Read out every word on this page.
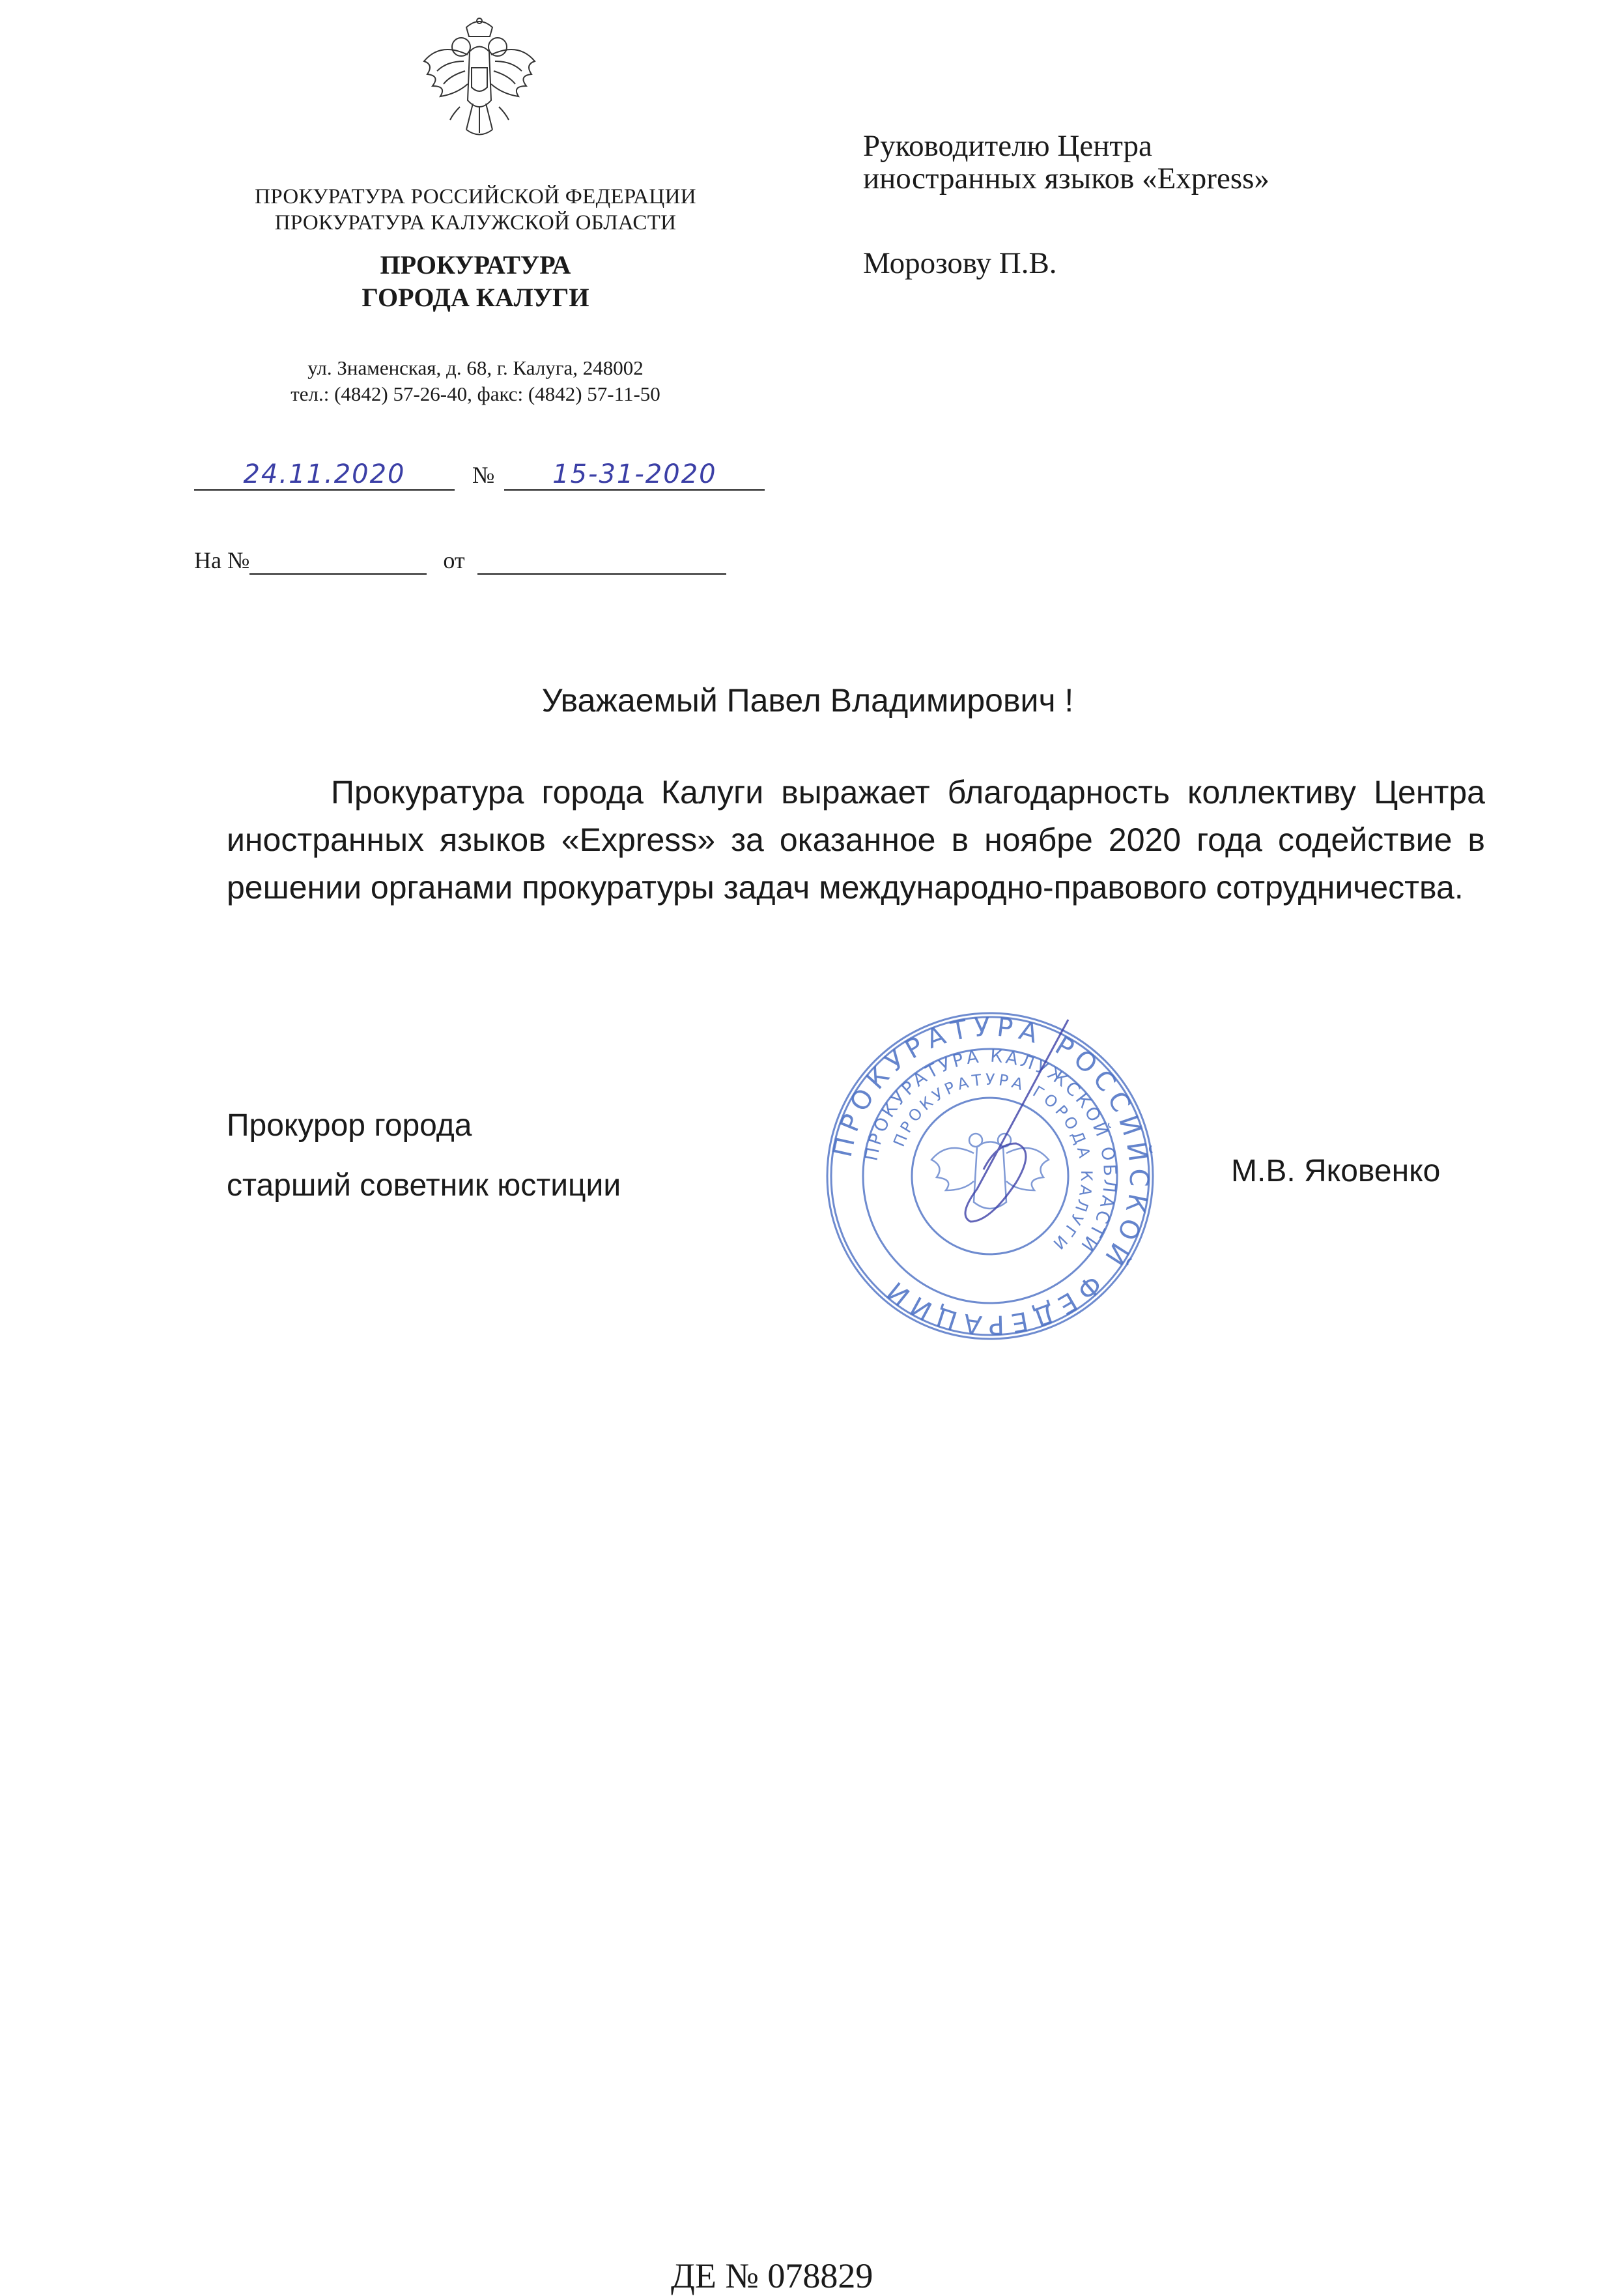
ПРОКУРАТУРА РОССИЙСКОЙ ФЕДЕРАЦИИ
ПРОКУРАТУРА КАЛУЖСКОЙ ОБЛАСТИ
ПРОКУРАТУРА
ГОРОДА КАЛУГИ
ул. Знаменская, д. 68, г. Калуга, 248002
тел.: (4842) 57-26-40, факс: (4842) 57-11-50
Руководителю Центра
иностранных языков «Express»
Морозову П.В.
24.11.2020	№ 15-31-2020
На №	от
Уважаемый Павел Владимирович !
Прокуратура города Калуги выражает благодарность коллективу Центра иностранных языков «Express» за оказанное в ноябре 2020 года содействие в решении органами прокуратуры задач международно-правового сотрудничества.
Прокурор города
старший советник юстиции	М.В. Яковенко
ПРОКУРАТУРА РОССИЙСКОЙ ФЕДЕРАЦИИ
ПРОКУРАТУРА КАЛУЖСКОЙ ОБЛАСТИ
ПРОКУРАТУРА ГОРОДА КАЛУГИ
ДЕ № 078829
